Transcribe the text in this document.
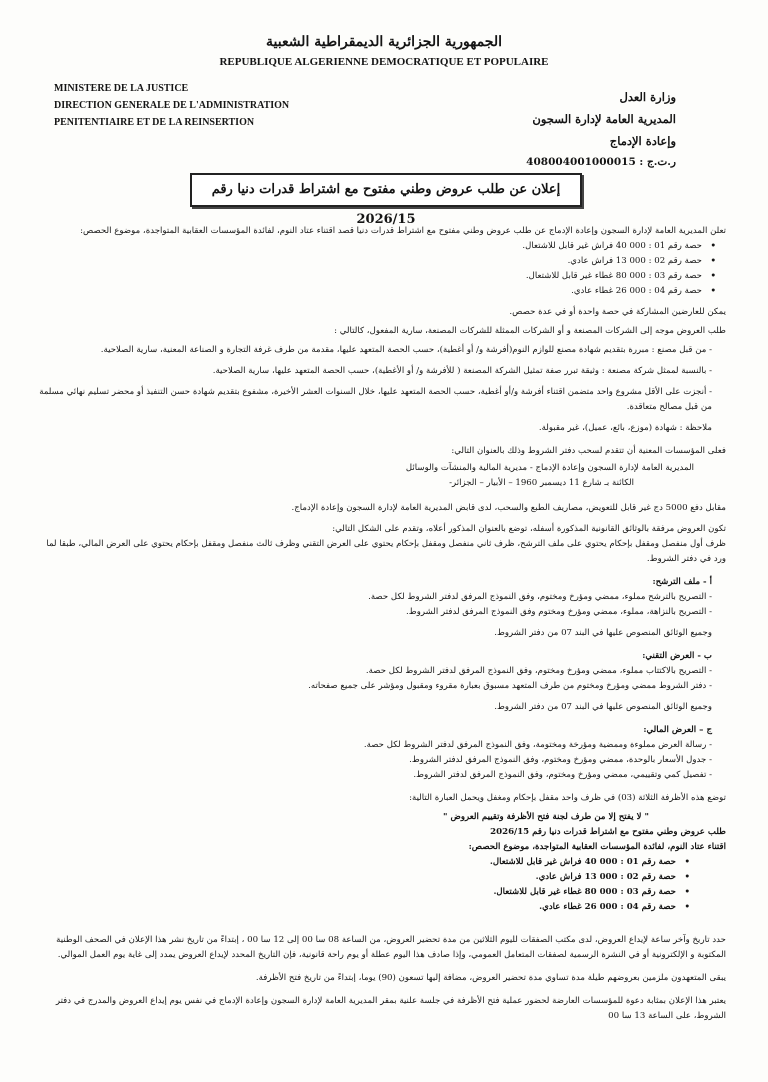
الجمهورية الجزائرية الديمقراطية الشعبية
REPUBLIQUE ALGERIENNE DEMOCRATIQUE ET POPULAIRE
MINISTERE DE LA JUSTICE
DIRECTION GENERALE DE L'ADMINISTRATION
PENITENTIAIRE ET DE LA REINSERTION
وزارة العدل
المديرية العامة لإدارة السجون
وإعادة الإدماج
ر.ت.ج : 408004001000015
إعلان عن طلب عروض وطني مفتوح مع اشتراط قدرات دنيا رقم 2026/15

تعلن المديرية العامة لإدارة السجون وإعادة الإدماج عن طلب عروض وطني مفتوح مع اشتراط قدرات دنيا قصد اقتناء عتاد النوم، لفائدة المؤسسات العقابية المتواجدة، موضوع الحصص:

• حصة رقم 01 : 000 40 فراش غير قابل للاشتعال.
• حصة رقم 02 : 000 13 فراش عادي.
• حصة رقم 03 : 000 80 غطاء غير قابل للاشتعال.
• حصة رقم 04 : 000 26 غطاء عادي.

يمكن للعارضين المشاركة في حصة واحدة أو في عدة حصص.

طلب العروض موجه إلى الشركات المصنعة و أو الشركات الممثلة للشركات المصنعة، سارية المفعول، كالتالي :

- من قبل مصنع : مبررة بتقديم شهادة مصنع للوازم النوم(أفرشة و/ أو أغطية)، حسب الحصة المتعهد عليها، مقدمة من طرف غرفة التجارة و الصناعة المعنية، سارية الصلاحية.
- بالنسبة لممثل شركة مصنعة : وثيقة تبرر صفة تمثيل الشركة المصنعة ( للأفرشة و/ أو الأغطية)، حسب الحصة المتعهد عليها، سارية الصلاحية.
- أنجزت على الأقل مشروع واحد متضمن اقتناء أفرشة و/أو أغطية، حسب الحصة المتعهد عليها، خلال السنوات العشر الأخيرة، مشفوع بتقديم شهادة حسن التنفيذ أو محضر تسليم نهائي مسلمة من قبل مصالح متعاقدة.
ملاحظة : شهادة (موزع، بائع، عميل)، غير مقبولة.

فعلى المؤسسات المعنية أن تتقدم لسحب دفتر الشروط وذلك بالعنوان التالي:

المديرية العامة لإدارة السجون وإعادة الإدماج - مديرية المالية والمنشآت والوسائل
الكائنة بـ شارع 11 ديسمبر 1960 – الأبيار – الجزائر-

مقابل دفع 5000 دج غير قابل للتعويض، مصاريف الطبع والسحب، لدى قابض المديرية العامة لإدارة السجون وإعادة الإدماج.

تكون العروض مرفقة بالوثائق القانونية المذكورة أسفله، توضع بالعنوان المذكور أعلاه، وتقدم على الشكل التالي:

ظرف أول منفصل ومقفل بإحكام يحتوي على ملف الترشح، ظرف ثاني منفصل ومقفل بإحكام يحتوي على العرض التقني وظرف ثالث منفصل ومقفل بإحكام يحتوي على العرض المالي، طبقا لما ورد في دفتر الشروط.

أ - ملف الترشح:
- التصريح بالترشح مملوء، ممضي ومؤرخ ومختوم، وفق النموذج المرفق لدفتر الشروط لكل حصة.
- التصريح بالنزاهة، مملوء، ممضي ومؤرخ ومختوم وفق النموذج المرفق لدفتر الشروط.
وجميع الوثائق المنصوص عليها في البند 07 من دفتر الشروط.
ب - العرض التقني:
- التصريح بالاكتتاب مملوء، ممضي ومؤرخ ومختوم، وفق النموذج المرفق لدفتر الشروط لكل حصة.
- دفتر الشروط ممضي ومؤرخ ومختوم من طرف المتعهد مسبوق بعبارة مقروء ومقبول ومؤشر على جميع صفحاته.
وجميع الوثائق المنصوص عليها في البند 07 من دفتر الشروط.
ج – العرض المالي:
- رسالة العرض مملوءة وممضية ومؤرخة ومختومة، وفق النموذج المرفق لدفتر الشروط لكل حصة.
- جدول الأسعار بالوحدة، ممضي ومؤرخ ومختوم، وفق النموذج المرفق لدفتر الشروط.
- تفصيل كمي وتقييمي، ممضي ومؤرخ ومختوم، وفق النموذج المرفق لدفتر الشروط.

توضع هذه الأظرفة الثلاثة (03) في ظرف واحد مقفل بإحكام ومغفل ويحمل العبارة التالية:

" لا يفتح إلا من طرف لجنة فتح الأظرفة وتقييم العروض "
طلب عروض وطني مفتوح مع اشتراط قدرات دنيا رقم 2026/15
اقتناء عتاد النوم، لفائدة المؤسسات العقابية المتواجدة، موضوع الحصص:
• حصة رقم 01 : 000 40 فراش غير قابل للاشتعال.
• حصة رقم 02 : 000 13 فراش عادي.
• حصة رقم 03 : 000 80 غطاء غير قابل للاشتعال.
• حصة رقم 04 : 000 26 غطاء عادي.

حدد تاريخ وآخر ساعة لإيداع العروض، لدى مكتب الصفقات لليوم الثلاثين من مدة تحضير العروض، من الساعة 08 سا 00 إلى 12 سا 00 ، إبتداءً من تاريخ نشر هذا الإعلان في الصحف الوطنية المكتوبة و الإلكترونية أو في النشرة الرسمية لصفقات المتعامل العمومي، وإذا صادف هذا اليوم عطلة أو يوم راحة قانونية، فإن التاريخ المحدد لإيداع العروض يمدد إلى غاية يوم العمل الموالي.

يبقى المتعهدون ملزمين بعروضهم طيلة مدة تساوي مدة تحضير العروض، مضافة إليها تسعون (90) يوما، إبتداءً من تاريخ فتح الأظرفة.

يعتبر هذا الإعلان بمثابة دعوة للمؤسسات العارضة لحضور عملية فتح الأظرفة في جلسة علنية بمقر المديرية العامة لإدارة السجون وإعادة الإدماج في نفس يوم إيداع العروض والمدرج في دفتر الشروط، على الساعة 13 سا 00
